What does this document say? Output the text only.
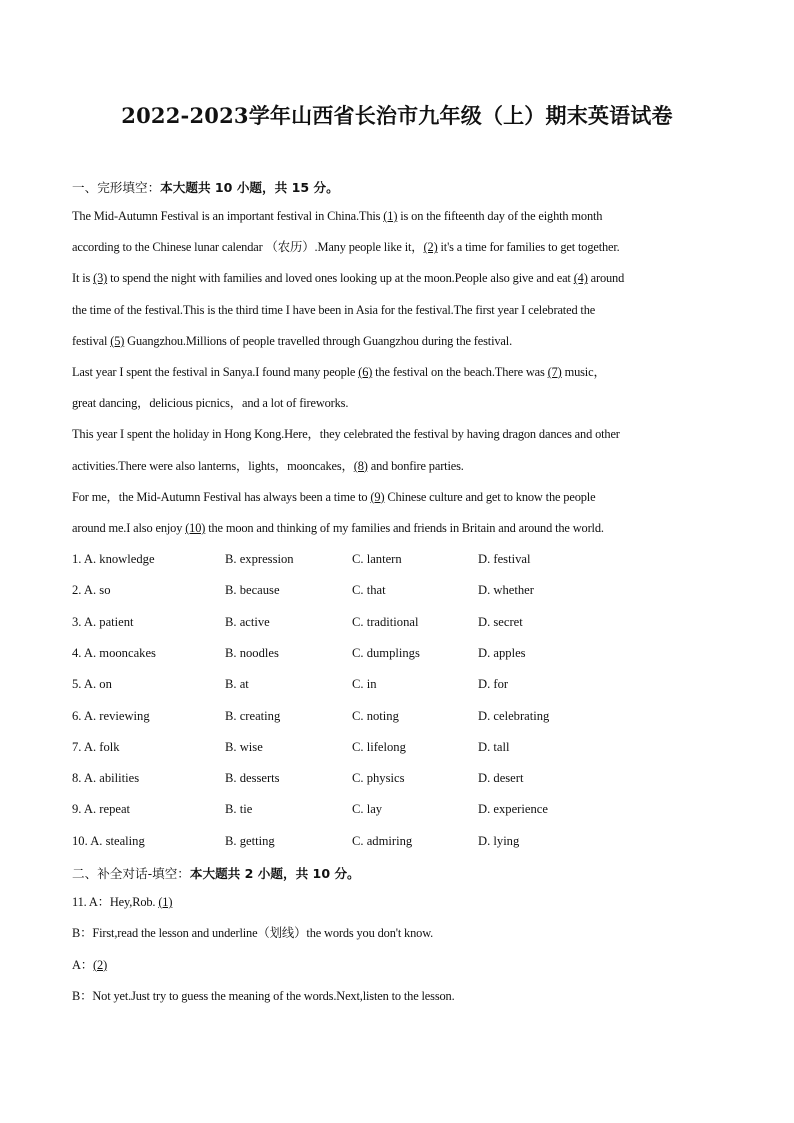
2022-2023学年山西省长治市九年级（上）期末英语试卷
一、完形填空：本大题共 10 小题，共 15 分。
The Mid-Autumn Festival is an important festival in China.This (1) is on the fifteenth day of the eighth month
according to the Chinese lunar calendar （农历）.Many people like it，(2) it's a time for families to get together.
It is (3) to spend the night with families and loved ones looking up at the moon.People also give and eat (4) around
the time of the festival.This is the third time I have been in Asia for the festival.The first year I celebrated the
festival (5) Guangzhou.Millions of people travelled through Guangzhou during the festival.
Last year I spent the festival in Sanya.I found many people (6) the festival on the beach.There was (7) music，
great dancing，delicious picnics，and a lot of fireworks.
This year I spent the holiday in Hong Kong.Here，they celebrated the festival by having dragon dances and other
activities.There were also lanterns，lights，mooncakes，(8) and bonfire parties.
For me，the Mid-Autumn Festival has always been a time to (9) Chinese culture and get to know the people
around me.I also enjoy (10) the moon and thinking of my families and friends in Britain and around the world.
1. A. knowledge	B. expression	C. lantern	D. festival
2. A. so	B. because	C. that	D. whether
3. A. patient	B. active	C. traditional	D. secret
4. A. mooncakes	B. noodles	C. dumplings	D. apples
5. A. on	B. at	C. in	D. for
6. A. reviewing	B. creating	C. noting	D. celebrating
7. A. folk	B. wise	C. lifelong	D. tall
8. A. abilities	B. desserts	C. physics	D. desert
9. A. repeat	B. tie	C. lay	D. experience
10. A. stealing	B. getting	C. admiring	D. lying
二、补全对话-填空：本大题共 2 小题，共 10 分。
11. A：Hey,Rob. (1)
B：First,read the lesson and underline（划线）the words you don't know.
A：(2)
B：Not yet.Just try to guess the meaning of the words.Next,listen to the lesson.
